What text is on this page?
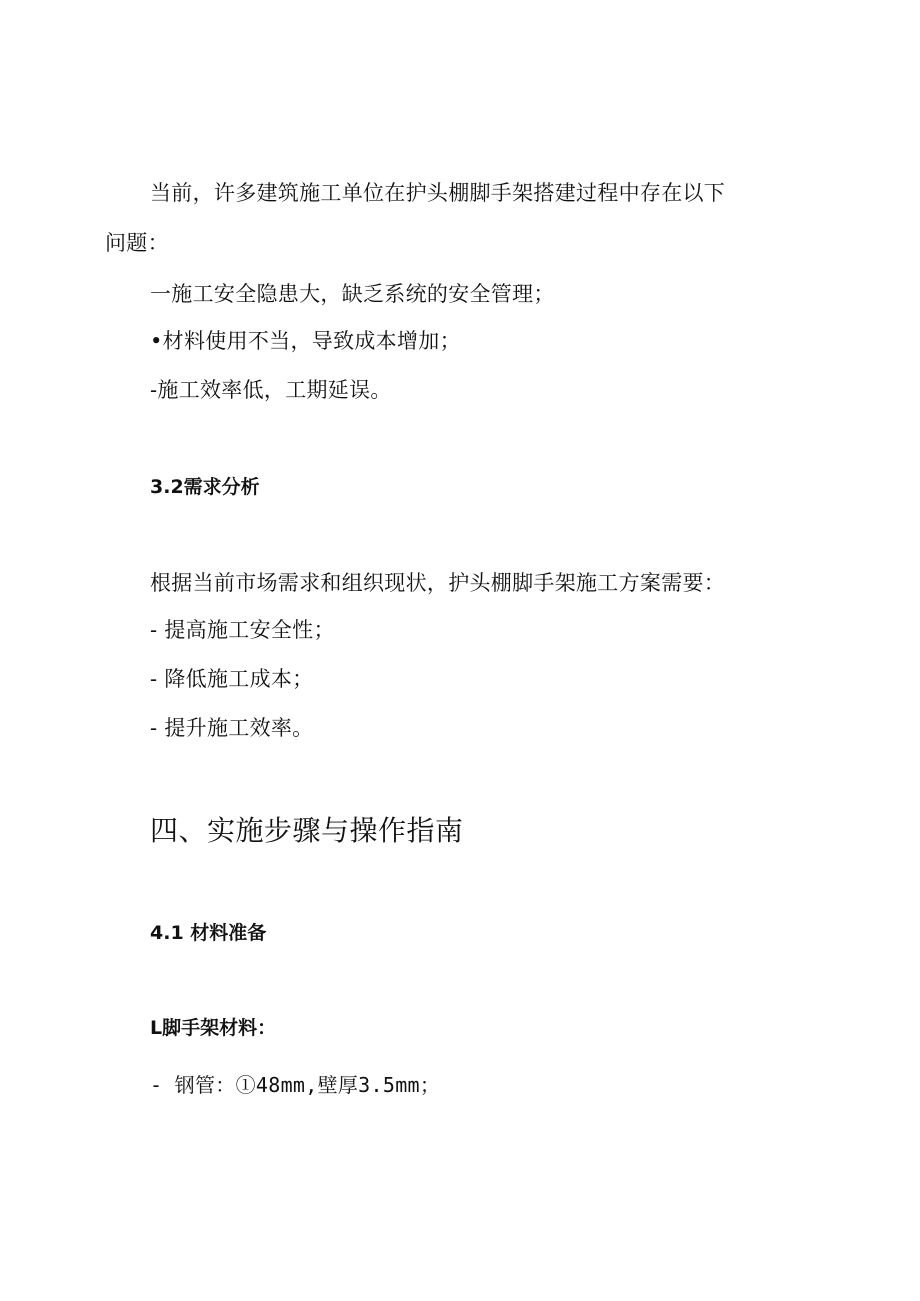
当前，许多建筑施工单位在护头棚脚手架搭建过程中存在以下
问题：
一施工安全隐患大，缺乏系统的安全管理；
•材料使用不当，导致成本增加；
-施工效率低，工期延误。
3.2需求分析
根据当前市场需求和组织现状，护头棚脚手架施工方案需要：
- 提高施工安全性；
- 降低施工成本；
- 提升施工效率。
四、实施步骤与操作指南
4.1 材料准备
L脚手架材料：
- 钢管：①48mm,壁厚3.5mm；
